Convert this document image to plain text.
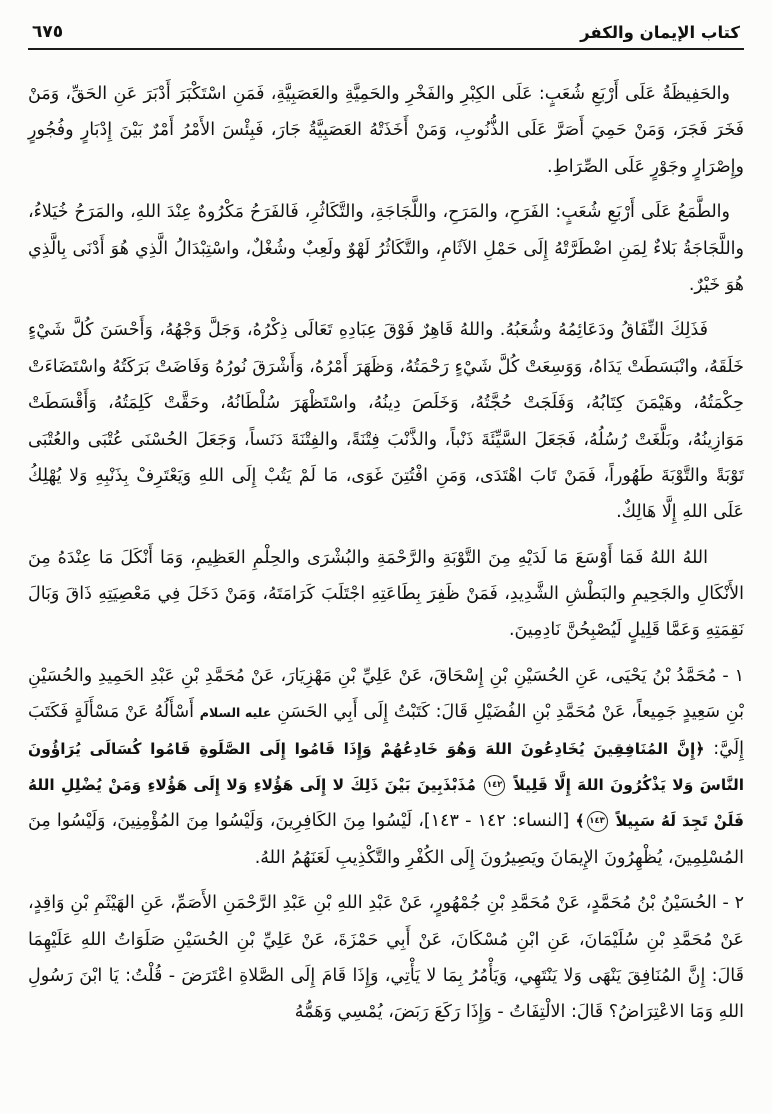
٦٧٥	كتاب الإيمان والكفر

والحَفِيظَةُ عَلَى أَرْبَعِ شُعَبٍ: عَلَى الكِبْرِ والفَخْرِ والحَمِيَّةِ والعَصَبِيَّةِ، فَمَنِ اسْتَكْبَرَ أَدْبَرَ عَنِ الحَقِّ، وَمَنْ فَخَرَ فَجَرَ، وَمَنْ حَمِيَ أَصَرَّ عَلَى الذُّنُوبِ، وَمَنْ أَخَذَتْهُ العَصَبِيَّةُ جَارَ، فَبِئْسَ الأَمْرُ أَمْرٌ بَيْنَ إِدْبَارٍ وفُجُورٍ وإِصْرَارٍ وجَوْرٍ عَلَى الصِّرَاطِ.

والطَّمَعُ عَلَى أَرْبَعِ شُعَبٍ: الفَرَحِ، والمَرَحِ، واللَّجَاجَةِ، والتَّكَاثُرِ، فَالفَرَحُ مَكْرُوهٌ عِنْدَ اللهِ، والمَرَحُ خُيَلاءُ، واللَّجَاجَةُ بَلاءٌ لِمَنِ اضْطَرَّتْهُ إِلَى حَمْلِ الآثَامِ، والتَّكَاثُرُ لَهْوٌ ولَعِبٌ وشُغْلٌ، واسْتِبْدَالُ الَّذِي هُوَ أَدْنَى بِالَّذِي هُوَ خَيْرٌ.

فَذَلِكَ النِّفَاقُ ودَعَائِمُهُ وشُعَبُهُ. واللهُ قَاهِرٌ فَوْقَ عِبَادِهِ تَعَالَى ذِكْرُهُ، وَجَلَّ وَجْهُهُ، وَأَحْسَنَ كُلَّ شَيْءٍ خَلَقَهُ، وانْبَسَطَتْ يَدَاهُ، وَوَسِعَتْ كُلَّ شَيْءٍ رَحْمَتُهُ، وَظَهَرَ أَمْرُهُ، وَأَشْرَقَ نُورُهُ وَفَاضَتْ بَرَكَتُهُ واسْتَضَاءَتْ حِكْمَتُهُ، وهَيْمَنَ كِتَابُهُ، وَفَلَجَتْ حُجَّتُهُ، وَخَلَصَ دِينُهُ، واسْتَظْهَرَ سُلْطَانُهُ، وحَقَّتْ كَلِمَتُهُ، وَأَقْسَطَتْ مَوَازِينُهُ، وبَلَّغَتْ رُسُلُهُ، فَجَعَلَ السَّيِّئَةَ ذَنْباً، والذَّنْبَ فِتْنَةً، والفِتْنَةَ دَنَساً، وَجَعَلَ الحُسْنَى عُتْبَى والعُتْبَى تَوْبَةً والتَّوْبَةَ طَهُوراً، فَمَنْ تَابَ اهْتَدَى، وَمَنِ افْتُتِنَ غَوَى، مَا لَمْ يَتُبْ إِلَى اللهِ وَيَعْتَرِفْ بِذَنْبِهِ وَلا يُهْلِكُ عَلَى اللهِ إِلَّا هَالِكٌ.

اللهُ اللهُ فَمَا أَوْسَعَ مَا لَدَيْهِ مِنَ التَّوْبَةِ والرَّحْمَةِ والبُشْرَى والحِلْمِ العَظِيمِ، وَمَا أَنْكَلَ مَا عِنْدَهُ مِنَ الأَنْكَالِ والجَحِيمِ والبَطْشِ الشَّدِيدِ، فَمَنْ ظَفِرَ بِطَاعَتِهِ اجْتَلَبَ كَرَامَتَهُ، وَمَنْ دَخَلَ فِي مَعْصِيَتِهِ ذَاقَ وَبَالَ نَقِمَتِهِ وَعَمَّا قَلِيلٍ لَيُصْبِحُنَّ نَادِمِينَ.

١ - مُحَمَّدُ بْنُ يَحْيَى، عَنِ الحُسَيْنِ بْنِ إِسْحَاقَ، عَنْ عَلِيِّ بْنِ مَهْزِيَارَ، عَنْ مُحَمَّدِ بْنِ عَبْدِ الحَمِيدِ والحُسَيْنِ بْنِ سَعِيدٍ جَمِيعاً، عَنْ مُحَمَّدِ بْنِ الفُضَيْلِ قَالَ: كَتَبْتُ إِلَى أَبِي الحَسَنِ عليه السلام أَسْأَلُهُ عَنْ مَسْأَلَةٍ فَكَتَبَ إِلَيَّ: ﴿إِنَّ المُنَافِقِينَ يُخَادِعُونَ اللهَ وَهُوَ خَادِعُهُمْ وَإِذَا قَامُوا إِلَى الصَّلَوةِ قَامُوا كُسَالَى يُرَاؤُونَ النَّاسَ وَلا يَذْكُرُونَ اللهَ إِلَّا قَلِيلاً ١٤٢ مُذَبْذَبِينَ بَيْنَ ذَلِكَ لا إِلَى هَؤُلاءِ وَلا إِلَى هَؤُلاءِ وَمَنْ يُضْلِلِ اللهُ فَلَنْ تَجِدَ لَهُ سَبِيلاً ١٤٣﴾ [النساء: ١٤٢ - ١٤٣]، لَيْسُوا مِنَ الكَافِرِينَ، وَلَيْسُوا مِنَ المُؤْمِنِينَ، وَلَيْسُوا مِنَ المُسْلِمِينَ، يُظْهِرُونَ الإِيمَانَ ويَصِيرُونَ إِلَى الكُفْرِ والتَّكْذِيبِ لَعَنَهُمُ اللهُ.

٢ - الحُسَيْنُ بْنُ مُحَمَّدٍ، عَنْ مُحَمَّدِ بْنِ جُمْهُورٍ، عَنْ عَبْدِ اللهِ بْنِ عَبْدِ الرَّحْمَنِ الأَصَمِّ، عَنِ الهَيْثَمِ بْنِ وَاقِدٍ، عَنْ مُحَمَّدِ بْنِ سُلَيْمَانَ، عَنِ ابْنِ مُسْكَانَ، عَنْ أَبِي حَمْزَةَ، عَنْ عَلِيِّ بْنِ الحُسَيْنِ صَلَوَاتُ اللهِ عَلَيْهِمَا قَالَ: إِنَّ المُنَافِقَ يَنْهَى وَلا يَنْتَهِي، وَيَأْمُرُ بِمَا لا يَأْتِي، وَإِذَا قَامَ إِلَى الصَّلاةِ اعْتَرَضَ - قُلْتُ: يَا ابْنَ رَسُولِ اللهِ وَمَا الاعْتِرَاضُ؟ قَالَ: الالْتِفَاتُ - وَإِذَا رَكَعَ رَبَضَ، يُمْسِي وَهَمُّهُ
